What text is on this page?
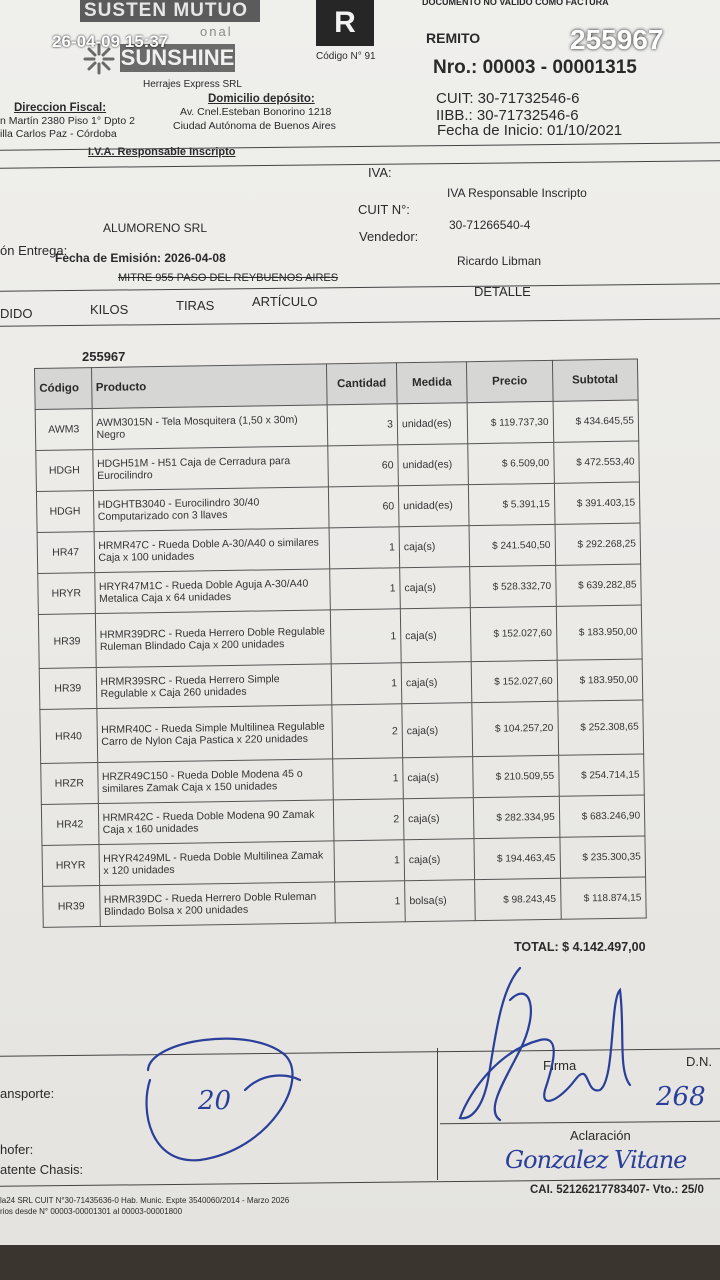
SUSTEN MUTUO
onal
SUNSHINE
Herrajes Express SRL
Direccion Fiscal:
n Martín 2380 Piso 1° Dpto 2
illa Carlos Paz - Córdoba
Domicilio depósito:
Av. Cnel.Esteban Bonorino 1218
Ciudad Autónoma de Buenos Aires
I.V.A. Responsable Inscripto
R
Código N° 91
DOCUMENTO NO VALIDO COMO FACTURA
REMITO
Nro.: 00003 - 00001315
CUIT: 30-71732546-6
IIBB.: 30-71732546-6
Fecha de Inicio: 01/10/2021
26-04-09 15:37	255967
IVA:
IVA Responsable Inscripto
CUIT N°:
30-71266540-4
ALUMORENO SRL
Vendedor:
Ricardo Libman
ón Entrega:
Fecha de Emisión: 2026-04-08
MITRE 955 PASO DEL REYBUENOS AIRES
DIDO	KILOS	TIRAS	ARTÍCULO
DETALLE
255967
Código	Producto	Cantidad	Medida	Precio	Subtotal
AWM3	AWM3015N - Tela Mosquitera (1,50 x 30m) Negro	3	unidad(es)	$ 119.737,30	$ 434.645,55
HDGH	HDGH51M - H51 Caja de Cerradura para Eurocilindro	60	unidad(es)	$ 6.509,00	$ 472.553,40
HDGH	HDGHTB3040 - Eurocilindro 30/40 Computarizado con 3 llaves	60	unidad(es)	$ 5.391,15	$ 391.403,15
HR47	HRMR47C - Rueda Doble A-30/A40 o similares Caja x 100 unidades	1	caja(s)	$ 241.540,50	$ 292.268,25
HRYR	HRYR47M1C - Rueda Doble Aguja A-30/A40 Metalica Caja x 64 unidades	1	caja(s)	$ 528.332,70	$ 639.282,85
HR39	HRMR39DRC - Rueda Herrero Doble Regulable Ruleman Blindado Caja x 200 unidades	1	caja(s)	$ 152.027,60	$ 183.950,00
HR39	HRMR39SRC - Rueda Herrero Simple Regulable x Caja 260 unidades	1	caja(s)	$ 152.027,60	$ 183.950,00
HR40	HRMR40C - Rueda Simple Multilinea Regulable Carro de Nylon Caja Pastica x 220 unidades	2	caja(s)	$ 104.257,20	$ 252.308,65
HRZR	HRZR49C150 - Rueda Doble Modena 45 o similares Zamak Caja x 150 unidades	1	caja(s)	$ 210.509,55	$ 254.714,15
HR42	HRMR42C - Rueda Doble Modena 90 Zamak Caja x 160 unidades	2	caja(s)	$ 282.334,95	$ 683.246,90
HRYR	HRYR4249ML - Rueda Doble Multilinea Zamak x 120 unidades	1	caja(s)	$ 194.463,45	$ 235.300,35
HR39	HRMR39DC - Rueda Herrero Doble Ruleman Blindado Bolsa x 200 unidades	1	bolsa(s)	$ 98.243,45	$ 118.874,15
TOTAL: $ 4.142.497,00
ansporte:
hofer:
atente Chasis:
Firma	D.N.
268
Aclaración
Gonzalez Vitane
20
la24 SRL CUIT N°30-71435636-0 Hab. Munic. Expte 3540060/2014 - Marzo 2026
rios desde N° 00003-00001301 al 00003-00001800
CAI. 52126217783407- Vto.: 25/0
